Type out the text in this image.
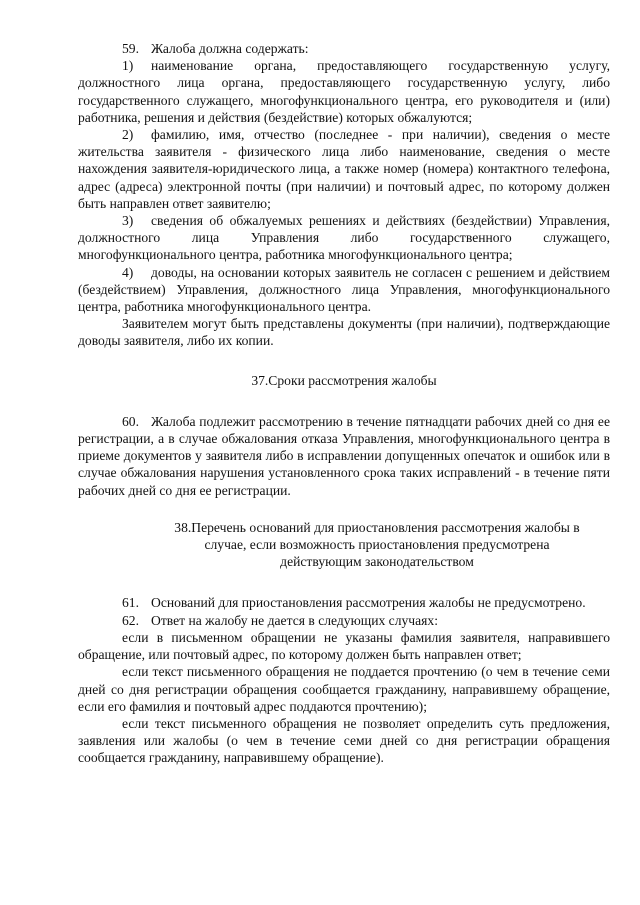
59. Жалоба должна содержать:

1) наименование органа, предоставляющего государственную услугу, должностного лица органа, предоставляющего государственную услугу, либо государственного служащего, многофункционального центра, его руководителя и (или) работника, решения и действия (бездействие) которых обжалуются;

2) фамилию, имя, отчество (последнее - при наличии), сведения о месте жительства заявителя - физического лица либо наименование, сведения о месте нахождения заявителя-юридического лица, а также номер (номера) контактного телефона, адрес (адреса) электронной почты (при наличии) и почтовый адрес, по которому должен быть направлен ответ заявителю;

3) сведения об обжалуемых решениях и действиях (бездействии) Управления, должностного лица Управления либо государственного служащего, многофункционального центра, работника многофункционального центра;

4) доводы, на основании которых заявитель не согласен с решением и действием (бездействием) Управления, должностного лица Управления, многофункционального центра, работника многофункционального центра.

Заявителем могут быть представлены документы (при наличии), подтверждающие доводы заявителя, либо их копии.

37.Сроки рассмотрения жалобы

60. Жалоба подлежит рассмотрению в течение пятнадцати рабочих дней со дня ее регистрации, а в случае обжалования отказа Управления, многофункционального центра в приеме документов у заявителя либо в исправлении допущенных опечаток и ошибок или в случае обжалования нарушения установленного срока таких исправлений - в течение пяти рабочих дней со дня ее регистрации.

38.Перечень оснований для приостановления рассмотрения жалобы в
случае, если возможность приостановления предусмотрена
действующим законодательством

61. Оснований для приостановления рассмотрения жалобы не предусмотрено.

62. Ответ на жалобу не дается в следующих случаях:

если в письменном обращении не указаны фамилия заявителя, направившего обращение, или почтовый адрес, по которому должен быть направлен ответ;

если текст письменного обращения не поддается прочтению (о чем в течение семи дней со дня регистрации обращения сообщается гражданину, направившему обращение, если его фамилия и почтовый адрес поддаются прочтению);

если текст письменного обращения не позволяет определить суть предложения, заявления или жалобы (о чем в течение семи дней со дня регистрации обращения сообщается гражданину, направившему обращение).
